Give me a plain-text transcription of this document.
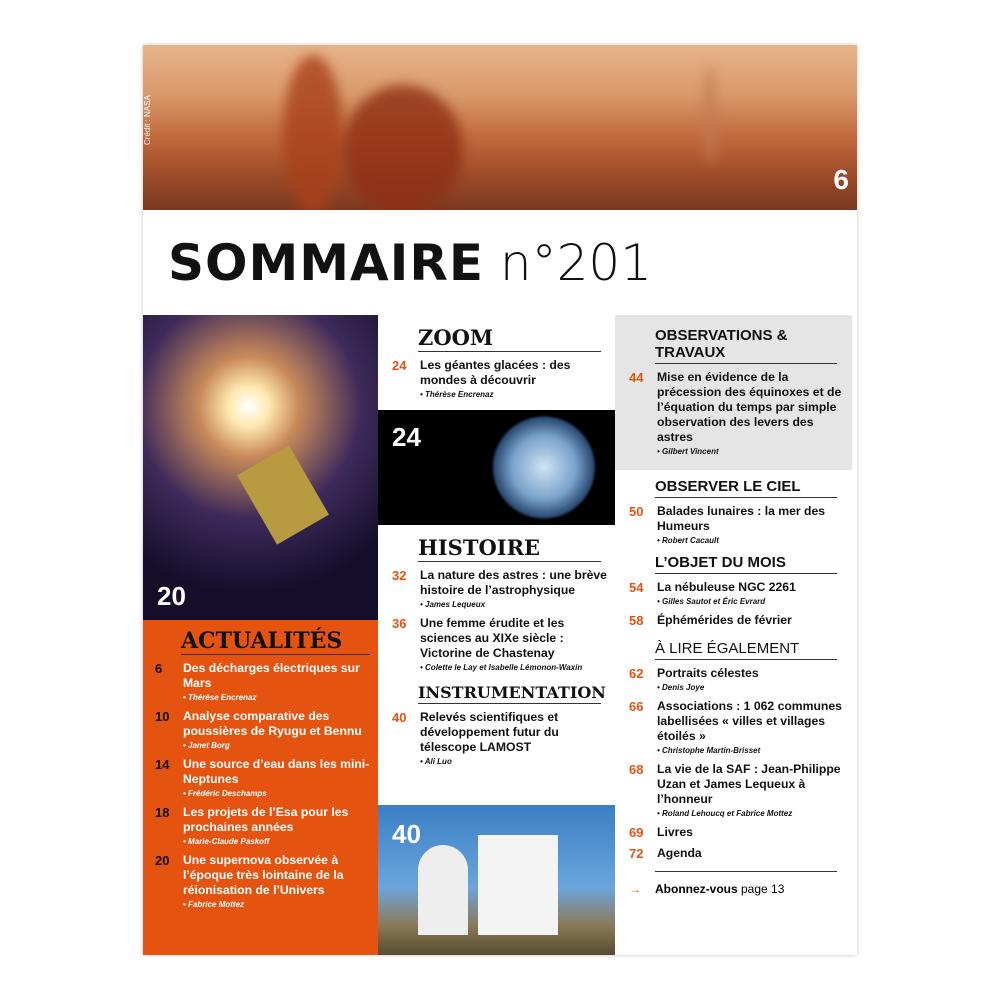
Crédit : NASA
6
SOMMAIRE n°201
20
ACTUALITÉS
6	Des décharges électriques sur Mars
• Thérèse Encrenaz
10	Analyse comparative des poussières de Ryugu et Bennu
• Janet Borg
14	Une source d’eau dans les mini-Neptunes
• Frédéric Deschamps
18	Les projets de l’Esa pour les prochaines années
• Marie-Claude Paskoff
20	Une supernova observée à l’époque très lointaine de la réionisation de l’Univers
• Fabrice Mottez
ZOOM
24	Les géantes glacées : des mondes à découvrir
• Thérèse Encrenaz
24
HISTOIRE
32	La nature des astres : une brève histoire de l’astrophysique
• James Lequeux
36	Une femme érudite et les sciences au XIXe siècle : Victorine de Chastenay
• Colette le Lay et Isabelle Lémonon-Waxin
INSTRUMENTATION
40	Relevés scientifiques et développement futur du télescope LAMOST
• Ali Luo
40
OBSERVATIONS & TRAVAUX
44	Mise en évidence de la précession des équinoxes et de l’équation du temps par simple observation des levers des astres
• Gilbert Vincent
OBSERVER LE CIEL
50	Balades lunaires : la mer des Humeurs
• Robert Cacault
L’OBJET DU MOIS
54	La nébuleuse NGC 2261
• Gilles Sautot et Éric Evrard
58	Éphémérides de février
À LIRE ÉGALEMENT
62	Portraits célestes
• Denis Joye
66	Associations : 1 062 communes labellisées « villes et villages étoilés »
• Christophe Martin-Brisset
68	La vie de la SAF : Jean-Philippe Uzan et James Lequeux à l’honneur
• Roland Lehoucq et Fabrice Mottez
69	Livres
72	Agenda
→	Abonnez-vous page 13
